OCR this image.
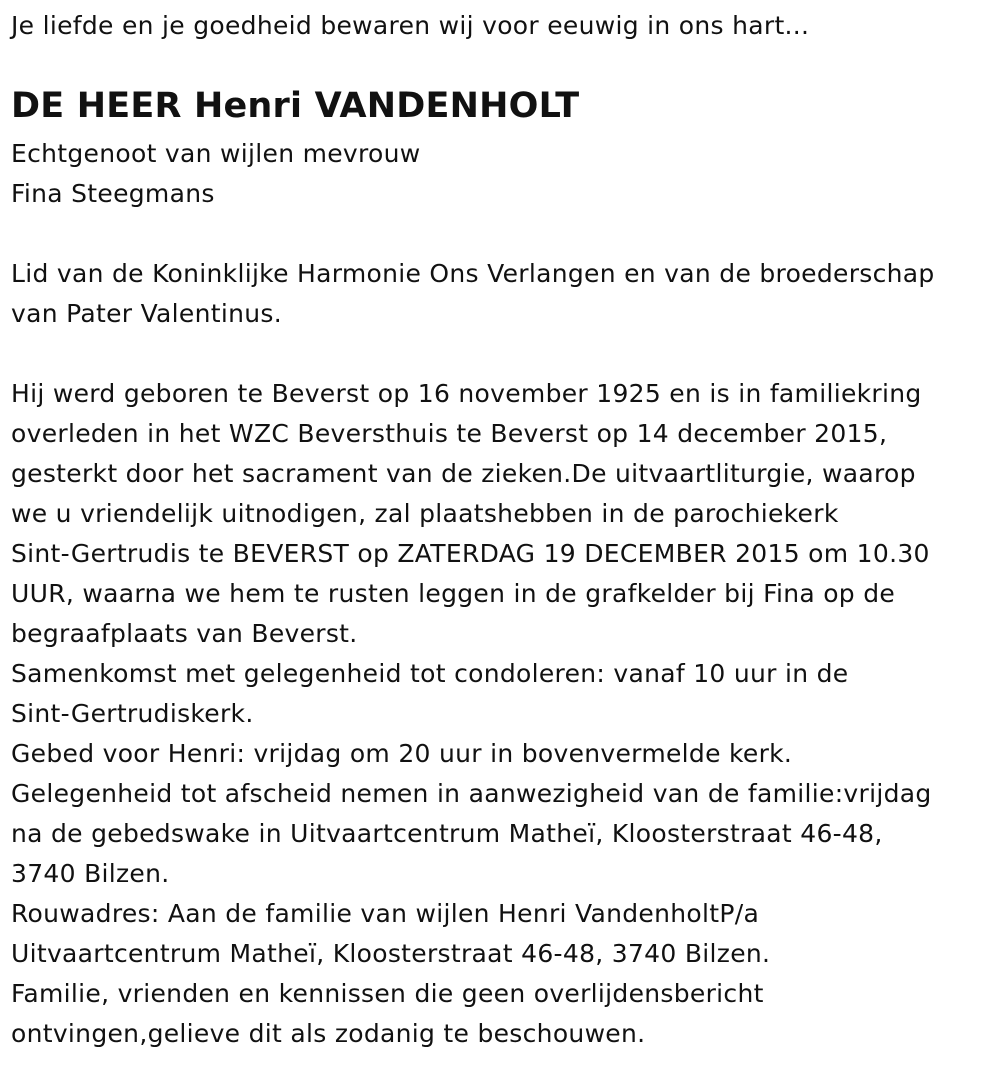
Je liefde en je goedheid bewaren wij voor eeuwig in ons hart...

DE HEER Henri VANDENHOLT

Echtgenoot van wijlen mevrouw

Fina Steegmans

Lid van de Koninklijke Harmonie Ons Verlangen en van de broederschap

van Pater Valentinus.

Hij werd geboren te Beverst op 16 november 1925 en is in familiekring

overleden in het WZC Beversthuis te Beverst op 14 december 2015,

gesterkt door het sacrament van de zieken.De uitvaartliturgie, waarop

we u vriendelijk uitnodigen, zal plaatshebben in de parochiekerk

Sint-Gertrudis te BEVERST op ZATERDAG 19 DECEMBER 2015 om 10.30

UUR, waarna we hem te rusten leggen in de grafkelder bij Fina op de

begraafplaats van Beverst.

Samenkomst met gelegenheid tot condoleren: vanaf 10 uur in de

Sint-Gertrudiskerk.

Gebed voor Henri: vrijdag om 20 uur in bovenvermelde kerk.

Gelegenheid tot afscheid nemen in aanwezigheid van de familie:vrijdag

na de gebedswake in Uitvaartcentrum Matheï, Kloosterstraat 46-48,

3740 Bilzen.

Rouwadres: Aan de familie van wijlen Henri VandenholtP/a

Uitvaartcentrum Matheï, Kloosterstraat 46-48, 3740 Bilzen.

Familie, vrienden en kennissen die geen overlijdensbericht

ontvingen,gelieve dit als zodanig te beschouwen.
